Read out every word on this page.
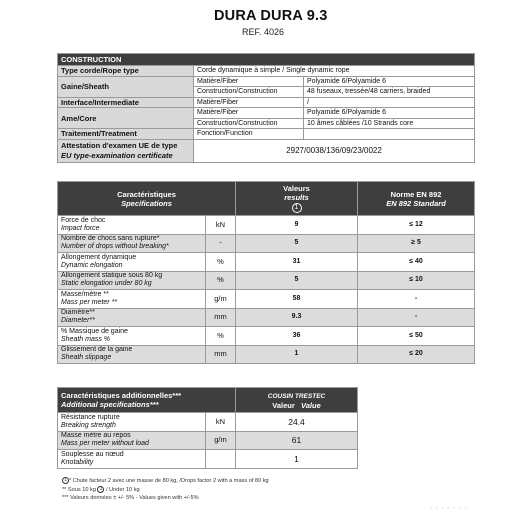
DURA DURA 9.3
REF. 4026
CONSTRUCTION		
Type corde/Rope type	Corde dynamique à simple / Single dynamic rope	
Gaine/Sheath	Matière/Fiber	Polyamide 6/Polyamide 6
	Construction/Construction	48 fuseaux, tressée/48 carriers, braided
Interface/Intermediate	Matière/Fiber	/
Ame/Core	Matière/Fiber	Polyamide 6/Polyamide 6
	Construction/Construction	10 âmes câblées /10 Strands core
Traitement/Treatment	Fonction/Function	
Attestation d'examen UE de type
EU type-examination certificate	2927/0038/136/09/23/0022	
Caractéristiques
Specifications		Valeurs
results
1	Norme EN 892
EN 892 Standard
Force de choc
Impact force	kN	9	≤ 12
Nombre de chocs sans rupture*
Number of drops without breaking*	-	5	≥ 5
Allongement dynamique
Dynamic elongation	%	31	≤ 40
Allongement statique sous 80 kg
Static elongation under 80 kg	%	5	≤ 10
Masse/mètre **
Mass per meter **	g/m	58	-
Diamètre**
Diameter**	mm	9.3	-
% Massique de gaine
Sheath mass %	%	36	≤ 50
Glissement de la gaine
Sheath slippage	mm	1	≤ 20
Caractéristiques additionnelles***
Additional specifications***		COUSIN TRESTEC
Valeur Value
Résistance rupture
Breaking strength	kN	24.4
Masse mètre au repos
Mass per meter without load	g/m	61
Souplesse au nœud
Knotability		1
1 * Chute facteur 2 avec une masse de 80 kg, /Drops factor 2 with a mass of 80 kg
** Sous 10 kg 1 / Under 10 kg
*** Valeurs données ± +/- 5% - Values given with +/-5%
• • • • • • •
